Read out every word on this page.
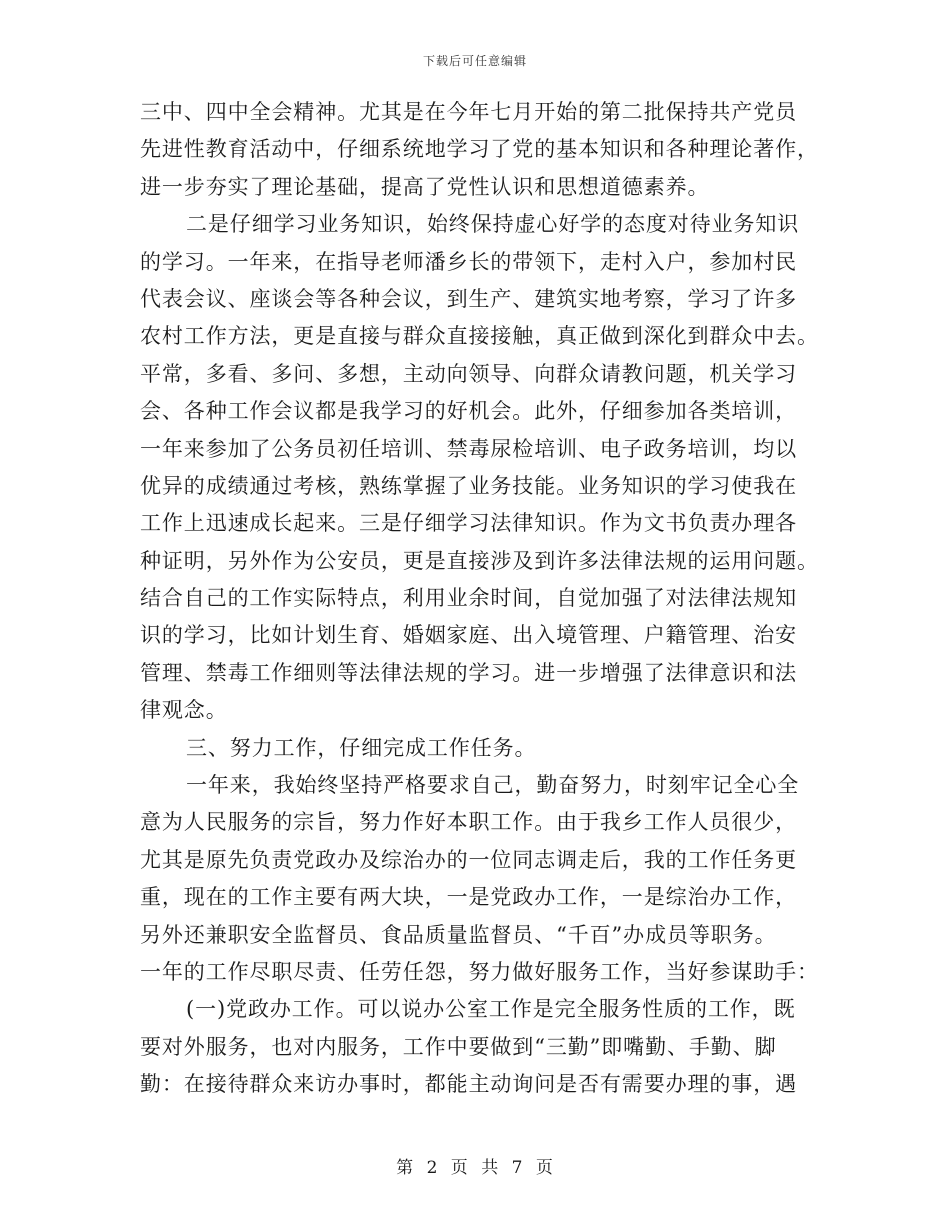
下载后可任意编辑
三中、四中全会精神。尤其是在今年七月开始的第二批保持共产党员
先进性教育活动中，仔细系统地学习了党的基本知识和各种理论著作，
进一步夯实了理论基础，提高了党性认识和思想道德素养。
二是仔细学习业务知识，始终保持虚心好学的态度对待业务知识
的学习。一年来，在指导老师潘乡长的带领下，走村入户，参加村民
代表会议、座谈会等各种会议，到生产、建筑实地考察，学习了许多
农村工作方法，更是直接与群众直接接触，真正做到深化到群众中去。
平常，多看、多问、多想，主动向领导、向群众请教问题，机关学习
会、各种工作会议都是我学习的好机会。此外，仔细参加各类培训，
一年来参加了公务员初任培训、禁毒尿检培训、电子政务培训，均以
优异的成绩通过考核，熟练掌握了业务技能。业务知识的学习使我在
工作上迅速成长起来。三是仔细学习法律知识。作为文书负责办理各
种证明，另外作为公安员，更是直接涉及到许多法律法规的运用问题。
结合自己的工作实际特点，利用业余时间，自觉加强了对法律法规知
识的学习，比如计划生育、婚姻家庭、出入境管理、户籍管理、治安
管理、禁毒工作细则等法律法规的学习。进一步增强了法律意识和法
律观念。
三、努力工作，仔细完成工作任务。
一年来，我始终坚持严格要求自己，勤奋努力，时刻牢记全心全
意为人民服务的宗旨，努力作好本职工作。由于我乡工作人员很少，
尤其是原先负责党政办及综治办的一位同志调走后，我的工作任务更
重，现在的工作主要有两大块，一是党政办工作，一是综治办工作，
另外还兼职安全监督员、食品质量监督员、“千百”办成员等职务。
一年的工作尽职尽责、任劳任怨，努力做好服务工作，当好参谋助手：
(一)党政办工作。可以说办公室工作是完全服务性质的工作，既
要对外服务，也对内服务，工作中要做到“三勤”即嘴勤、手勤、脚
勤：在接待群众来访办事时，都能主动询问是否有需要办理的事，遇
第 2 页 共 7 页
